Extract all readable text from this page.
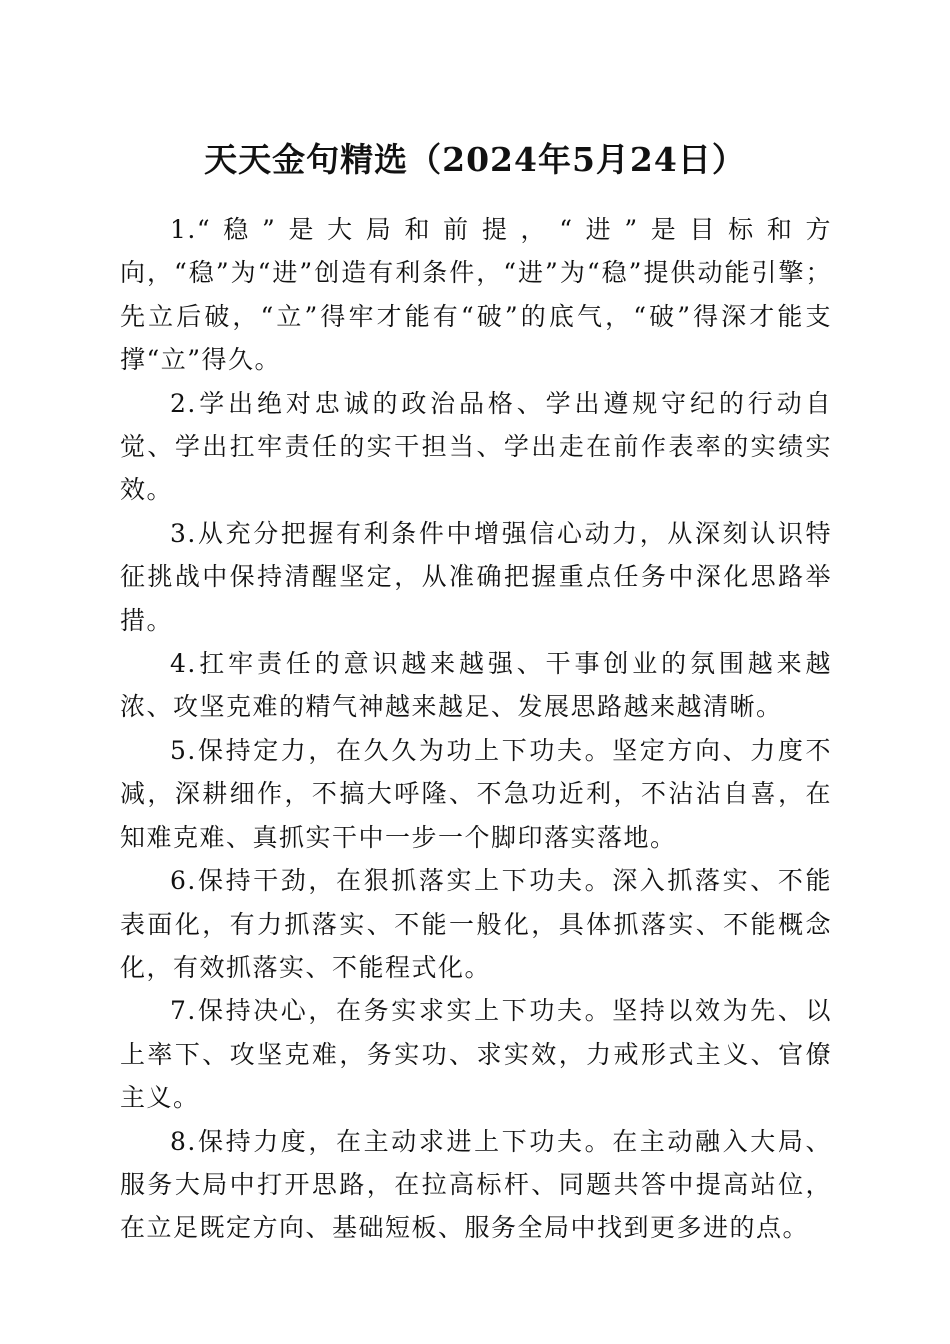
天天金句精选（2024年5月24日）

1.“稳”是大局和前提，“进”是目标和方向，“稳”为“进”创造有利条件，“进”为“稳”提供动能引擎；先立后破，“立”得牢才能有“破”的底气，“破”得深才能支撑“立”得久。

2.学出绝对忠诚的政治品格、学出遵规守纪的行动自觉、学出扛牢责任的实干担当、学出走在前作表率的实绩实效。

3.从充分把握有利条件中增强信心动力，从深刻认识特征挑战中保持清醒坚定，从准确把握重点任务中深化思路举措。

4.扛牢责任的意识越来越强、干事创业的氛围越来越浓、攻坚克难的精气神越来越足、发展思路越来越清晰。

5.保持定力，在久久为功上下功夫。坚定方向、力度不减，深耕细作，不搞大呼隆、不急功近利，不沾沾自喜，在知难克难、真抓实干中一步一个脚印落实落地。

6.保持干劲，在狠抓落实上下功夫。深入抓落实、不能表面化，有力抓落实、不能一般化，具体抓落实、不能概念化，有效抓落实、不能程式化。

7.保持决心，在务实求实上下功夫。坚持以效为先、以上率下、攻坚克难，务实功、求实效，力戒形式主义、官僚主义。

8.保持力度，在主动求进上下功夫。在主动融入大局、服务大局中打开思路，在拉高标杆、同题共答中提高站位，在立足既定方向、基础短板、服务全局中找到更多进的点。
